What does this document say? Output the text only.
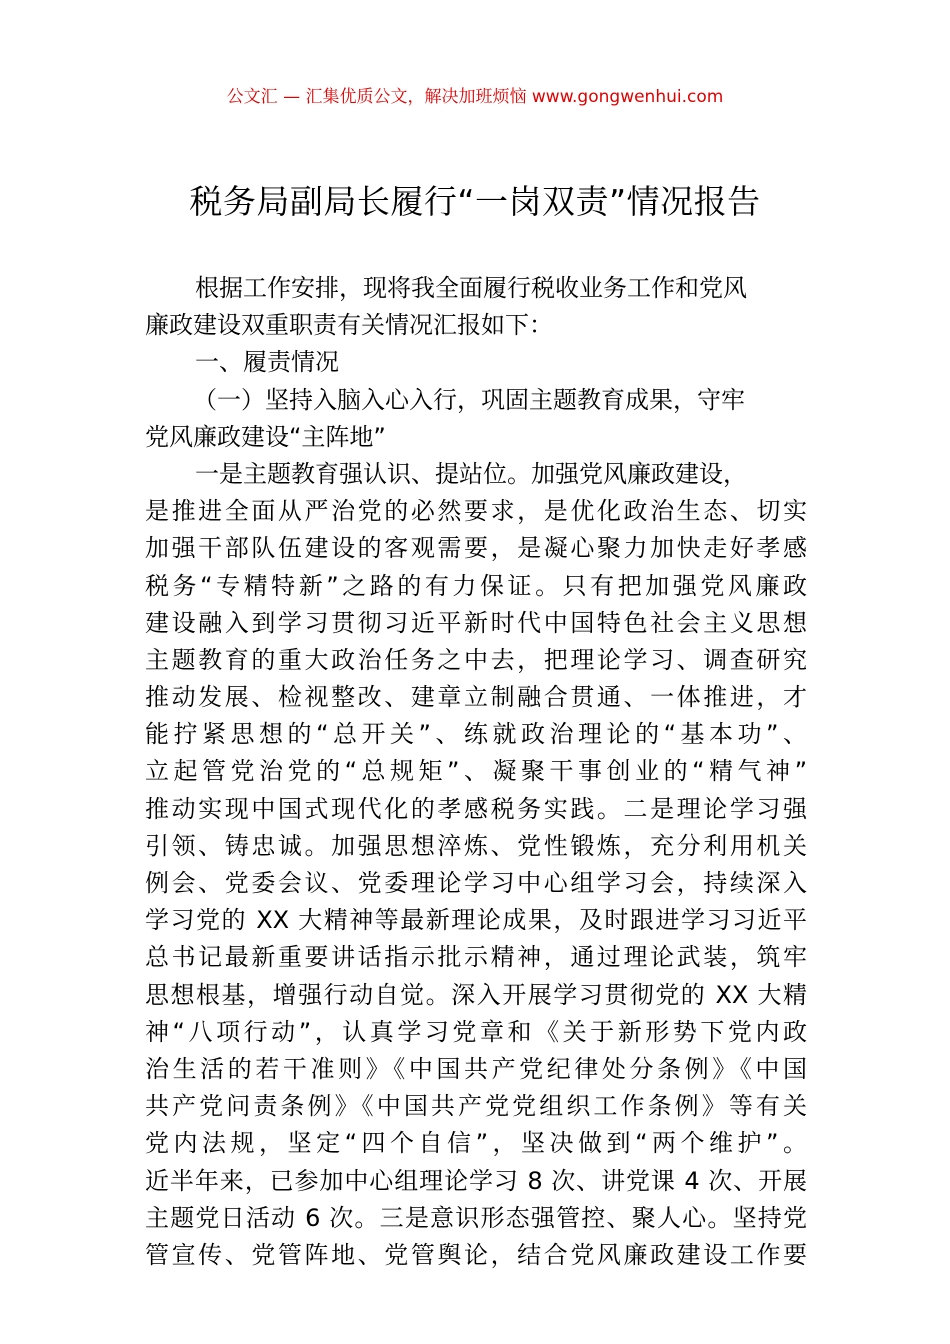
公文汇 — 汇集优质公文，解决加班烦恼 www.gongwenhui.com
税务局副局长履行“一岗双责”情况报告
根据工作安排，现将我全面履行税收业务工作和党风
廉政建设双重职责有关情况汇报如下：
一、履责情况
（一）坚持入脑入心入行，巩固主题教育成果，守牢
党风廉政建设“主阵地”
一是主题教育强认识、提站位。加强党风廉政建设，
是推进全面从严治党的必然要求，是优化政治生态、切实
加强干部队伍建设的客观需要，是凝心聚力加快走好孝感
税务“专精特新”之路的有力保证。只有把加强党风廉政
建设融入到学习贯彻习近平新时代中国特色社会主义思想
主题教育的重大政治任务之中去，把理论学习、调查研究
推动发展、检视整改、建章立制融合贯通、一体推进，才
能拧紧思想的“总开关”、练就政治理论的“基本功”、
立起管党治党的“总规矩”、凝聚干事创业的“精气神”
推动实现中国式现代化的孝感税务实践。二是理论学习强
引领、铸忠诚。加强思想淬炼、党性锻炼，充分利用机关
例会、党委会议、党委理论学习中心组学习会，持续深入
学习党的 XX 大精神等最新理论成果，及时跟进学习习近平
总书记最新重要讲话指示批示精神，通过理论武装，筑牢
思想根基，增强行动自觉。深入开展学习贯彻党的 XX 大精
神“八项行动”，认真学习党章和《关于新形势下党内政
治生活的若干准则》《中国共产党纪律处分条例》《中国
共产党问责条例》《中国共产党党组织工作条例》等有关
党内法规，坚定“四个自信”，坚决做到“两个维护”。
近半年来，已参加中心组理论学习 8 次、讲党课 4 次、开展
主题党日活动 6 次。三是意识形态强管控、聚人心。坚持党
管宣传、党管阵地、党管舆论，结合党风廉政建设工作要
